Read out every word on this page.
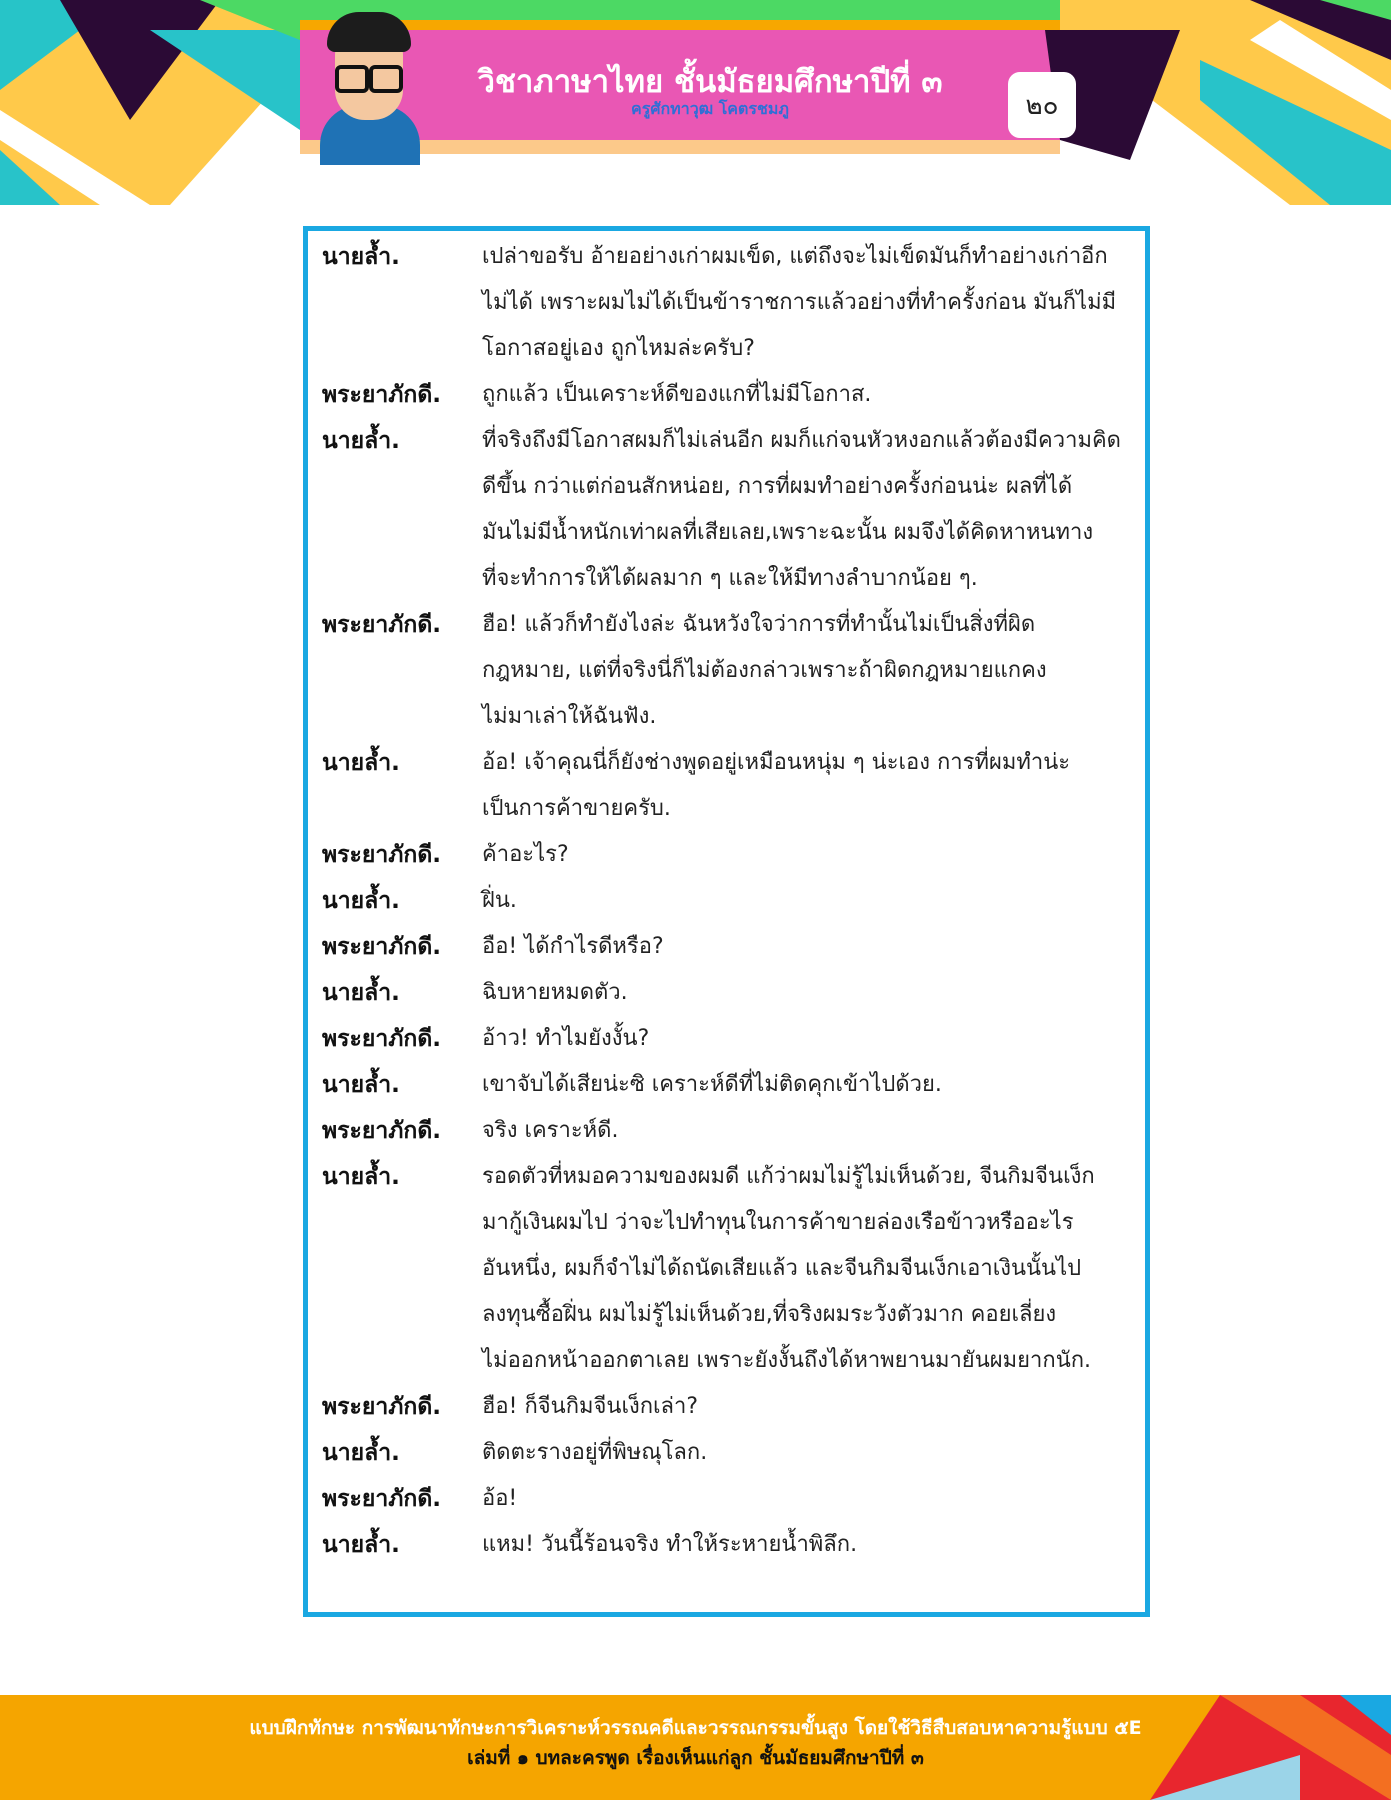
วิชาภาษาไทย ชั้นมัธยมศึกษาปีที่ ๓
ครูศักทาวุฒ โคตรชมภู	๒๐
นายล้ำ.	เปล่าขอรับ อ้ายอย่างเก่าผมเข็ด, แต่ถึงจะไม่เข็ดมันก็ทำอย่างเก่าอีก
ไม่ได้ เพราะผมไม่ได้เป็นข้าราชการแล้วอย่างที่ทำครั้งก่อน มันก็ไม่มี
โอกาสอยู่เอง ถูกไหมล่ะครับ?
พระยาภักดี.	ถูกแล้ว เป็นเคราะห์ดีของแกที่ไม่มีโอกาส.
นายล้ำ.	ที่จริงถึงมีโอกาสผมก็ไม่เล่นอีก ผมก็แก่จนหัวหงอกแล้วต้องมีความคิด
ดีขึ้น กว่าแต่ก่อนสักหน่อย, การที่ผมทำอย่างครั้งก่อนน่ะ ผลที่ได้
มันไม่มีน้ำหนักเท่าผลที่เสียเลย,เพราะฉะนั้น ผมจึงได้คิดหาหนทาง
ที่จะทำการให้ได้ผลมาก ๆ และให้มีทางลำบากน้อย ๆ.
พระยาภักดี.	ฮือ! แล้วก็ทำยังไงล่ะ ฉันหวังใจว่าการที่ทำนั้นไม่เป็นสิ่งที่ผิด
กฎหมาย, แต่ที่จริงนี่ก็ไม่ต้องกล่าวเพราะถ้าผิดกฎหมายแกคง
ไม่มาเล่าให้ฉันฟัง.
นายล้ำ.	อ้อ! เจ้าคุณนี่ก็ยังช่างพูดอยู่เหมือนหนุ่ม ๆ น่ะเอง การที่ผมทำน่ะ
เป็นการค้าขายครับ.
พระยาภักดี.	ค้าอะไร?
นายล้ำ.	ฝิ่น.
พระยาภักดี.	อือ! ได้กำไรดีหรือ?
นายล้ำ.	ฉิบหายหมดตัว.
พระยาภักดี.	อ้าว! ทำไมยังงั้น?
นายล้ำ.	เขาจับได้เสียน่ะซิ เคราะห์ดีที่ไม่ติดคุกเข้าไปด้วย.
พระยาภักดี.	จริง เคราะห์ดี.
นายล้ำ.	รอดตัวที่หมอความของผมดี แก้ว่าผมไม่รู้ไม่เห็นด้วย, จีนกิมจีนเง็ก
มากู้เงินผมไป ว่าจะไปทำทุนในการค้าขายล่องเรือข้าวหรืออะไร
อันหนึ่ง, ผมก็จำไม่ได้ถนัดเสียแล้ว และจีนกิมจีนเง็กเอาเงินนั้นไป
ลงทุนซื้อฝิ่น ผมไม่รู้ไม่เห็นด้วย,ที่จริงผมระวังตัวมาก คอยเลี่ยง
ไม่ออกหน้าออกตาเลย เพราะยังงั้นถึงได้หาพยานมายันผมยากนัก.
พระยาภักดี.	ฮือ! ก็จีนกิมจีนเง็กเล่า?
นายล้ำ.	ติดตะรางอยู่ที่พิษณุโลก.
พระยาภักดี.	อ้อ!
นายล้ำ.	แหม! วันนี้ร้อนจริง ทำให้ระหายน้ำพิลึก.
แบบฝึกทักษะ การพัฒนาทักษะการวิเคราะห์วรรณคดีและวรรณกรรมขั้นสูง โดยใช้วิธีสืบสอบหาความรู้แบบ ๕E
เล่มที่ ๑ บทละครพูด เรื่องเห็นแก่ลูก ชั้นมัธยมศึกษาปีที่ ๓
